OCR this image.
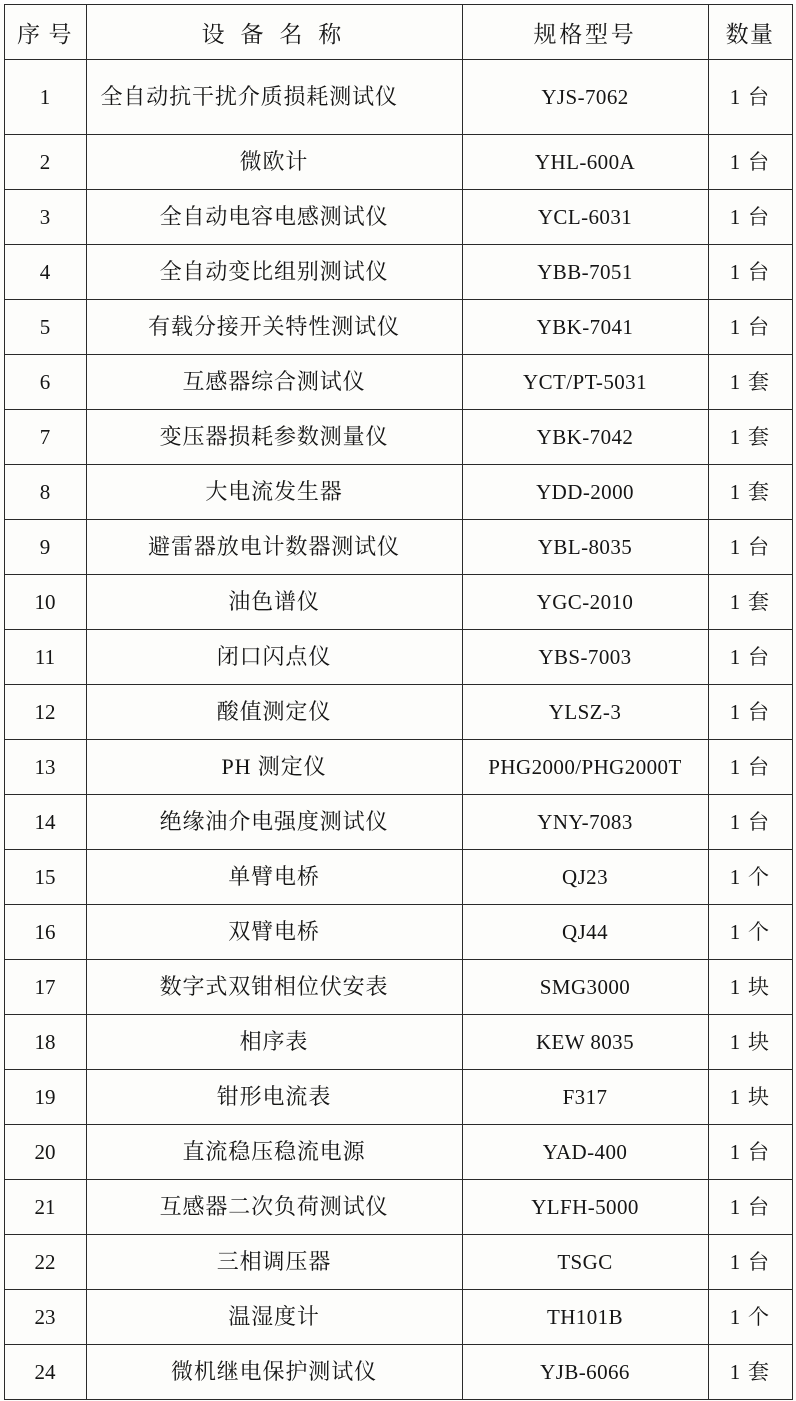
序 号	设 备 名 称	规格型号	数量
1	全自动抗干扰介质损耗测试仪	YJS-7062	1 台
2	微欧计	YHL-600A	1 台
3	全自动电容电感测试仪	YCL-6031	1 台
4	全自动变比组别测试仪	YBB-7051	1 台
5	有载分接开关特性测试仪	YBK-7041	1 台
6	互感器综合测试仪	YCT/PT-5031	1 套
7	变压器损耗参数测量仪	YBK-7042	1 套
8	大电流发生器	YDD-2000	1 套
9	避雷器放电计数器测试仪	YBL-8035	1 台
10	油色谱仪	YGC-2010	1 套
11	闭口闪点仪	YBS-7003	1 台
12	酸值测定仪	YLSZ-3	1 台
13	PH 测定仪	PHG2000/PHG2000T	1 台
14	绝缘油介电强度测试仪	YNY-7083	1 台
15	单臂电桥	QJ23	1 个
16	双臂电桥	QJ44	1 个
17	数字式双钳相位伏安表	SMG3000	1 块
18	相序表	KEW 8035	1 块
19	钳形电流表	F317	1 块
20	直流稳压稳流电源	YAD-400	1 台
21	互感器二次负荷测试仪	YLFH-5000	1 台
22	三相调压器	TSGC	1 台
23	温湿度计	TH101B	1 个
24	微机继电保护测试仪	YJB-6066	1 套
